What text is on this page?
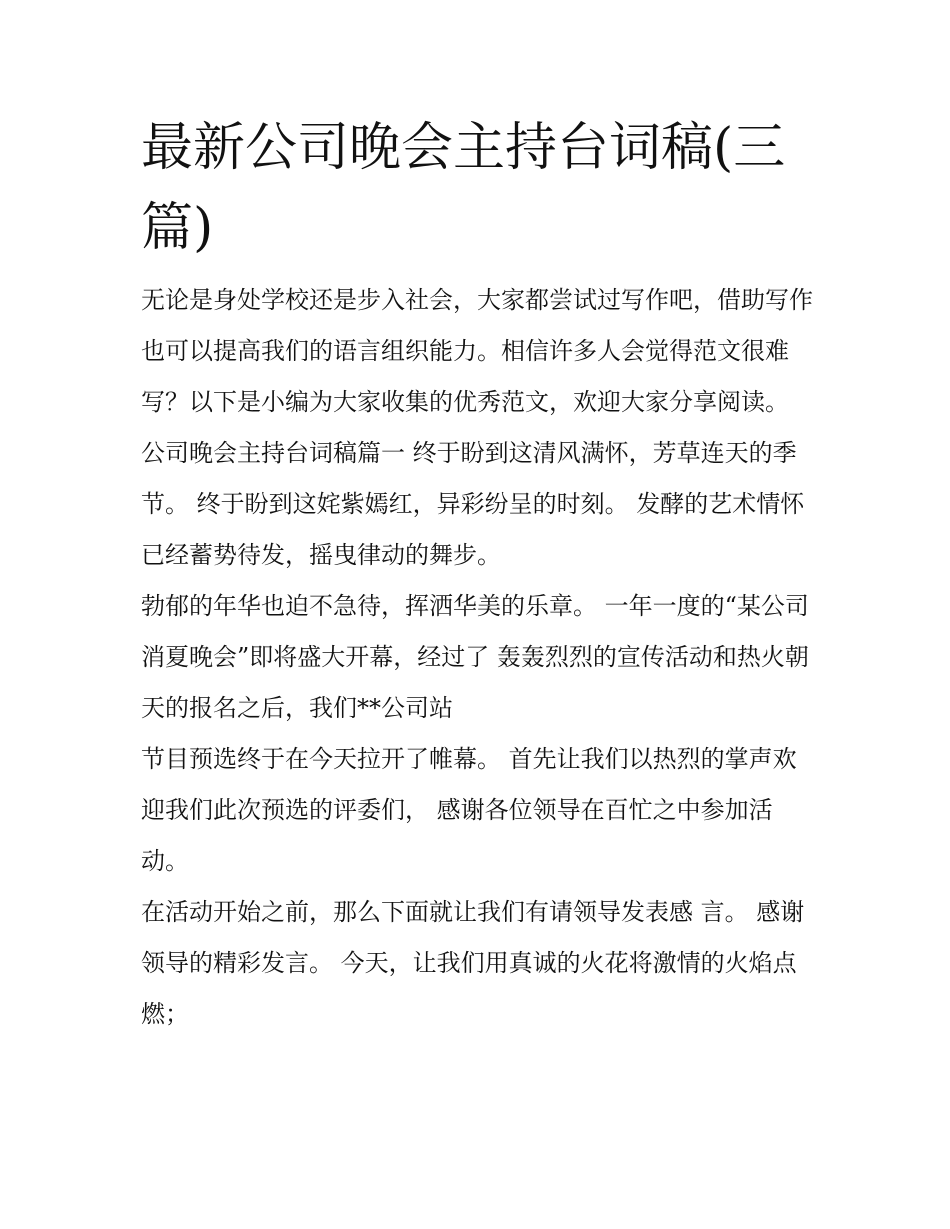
最新公司晚会主持台词稿(三篇)

无论是身处学校还是步入社会，大家都尝试过写作吧，借助写作也可以提高我们的语言组织能力。相信许多人会觉得范文很难写？以下是小编为大家收集的优秀范文，欢迎大家分享阅读。

公司晚会主持台词稿篇一 终于盼到这清风满怀，芳草连天的季节。 终于盼到这姹紫嫣红，异彩纷呈的时刻。 发酵的艺术情怀已经蓄势待发，摇曳律动的舞步。

勃郁的年华也迫不急待，挥洒华美的乐章。 一年一度的“某公司消夏晚会”即将盛大开幕，经过了 轰轰烈烈的宣传活动和热火朝天的报名之后，我们**公司站

节目预选终于在今天拉开了帷幕。 首先让我们以热烈的掌声欢迎我们此次预选的评委们， 感谢各位领导在百忙之中参加活动。

在活动开始之前，那么下面就让我们有请领导发表感 言。 感谢领导的精彩发言。 今天，让我们用真诚的火花将激情的火焰点燃；
